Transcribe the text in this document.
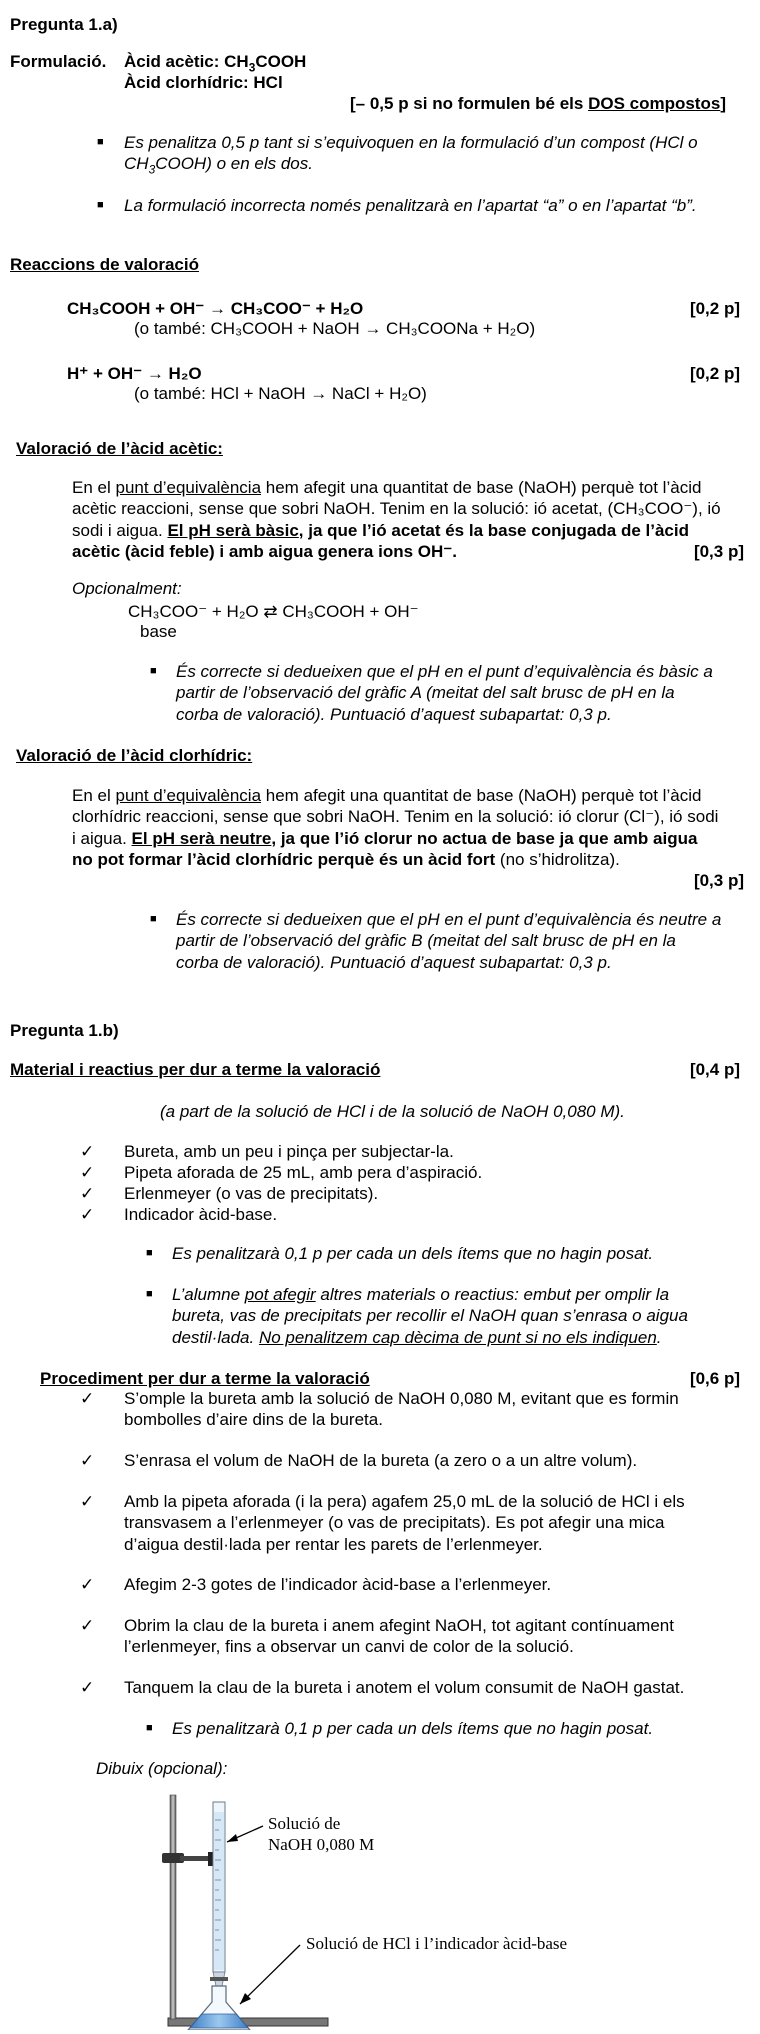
Pregunta 1.a)
Formulació. Àcid acètic: $CH_3COOH$
Àcid clorhídric: HCl
[– 0,5 p si no formulen bé els DOS compostos]
■ Es penalitza 0,5 p tant si s’equivoquen en la formulació d’un compost (HCl o
$CH_3COOH$) o en els dos.
■ La formulació incorrecta només penalitzarà en l’apartat “a” o en l’apartat “b”.
Reaccions de valoració
CH₃COOH + OH⁻ → CH₃COO⁻ + H₂O	[0,2 p]
(o també: CH₃COOH + NaOH → CH₃COONa + H₂O)
H⁺ + OH⁻ → H₂O	[0,2 p]
(o també: HCl + NaOH → NaCl + H₂O)
Valoració de l’àcid acètic:
En el punt d’equivalència hem afegit una quantitat de base (NaOH) perquè tot l’àcid
acètic reaccioni, sense que sobri NaOH. Tenim en la solució: ió acetat, (CH₃COO⁻), ió
sodi i aigua. El pH serà bàsic, ja que l’ió acetat és la base conjugada de l’àcid
acètic (àcid feble) i amb aigua genera ions OH⁻.	[0,3 p]
Opcionalment:
CH₃COO⁻ + H₂O ⇄ CH₃COOH + OH⁻
base
■ És correcte si dedueixen que el pH en el punt d’equivalència és bàsic a
partir de l’observació del gràfic A (meitat del salt brusc de pH en la
corba de valoració). Puntuació d’aquest subapartat: 0,3 p.
Valoració de l’àcid clorhídric:
En el punt d’equivalència hem afegit una quantitat de base (NaOH) perquè tot l’àcid
clorhídric reaccioni, sense que sobri NaOH. Tenim en la solució: ió clorur (Cl⁻), ió sodi
i aigua. El pH serà neutre, ja que l’ió clorur no actua de base ja que amb aigua
no pot formar l’àcid clorhídric perquè és un àcid fort (no s’hidrolitza).
[0,3 p]
■ És correcte si dedueixen que el pH en el punt d’equivalència és neutre a
partir de l’observació del gràfic B (meitat del salt brusc de pH en la
corba de valoració). Puntuació d’aquest subapartat: 0,3 p.
Pregunta 1.b)
Material i reactius per dur a terme la valoració	[0,4 p]
(a part de la solució de HCl i de la solució de NaOH 0,080 M).
✓ Bureta, amb un peu i pinça per subjectar-la.
✓ Pipeta aforada de 25 mL, amb pera d’aspiració.
✓ Erlenmeyer (o vas de precipitats).
✓ Indicador àcid-base.
■ Es penalitzarà 0,1 p per cada un dels ítems que no hagin posat.
■ L’alumne pot afegir altres materials o reactius: embut per omplir la
bureta, vas de precipitats per recollir el NaOH quan s’enrasa o aigua
destil·lada. No penalitzem cap dècima de punt si no els indiquen.
Procediment per dur a terme la valoració	[0,6 p]
✓ S’omple la bureta amb la solució de NaOH 0,080 M, evitant que es formin
bombolles d’aire dins de la bureta.
✓ S’enrasa el volum de NaOH de la bureta (a zero o a un altre volum).
✓ Amb la pipeta aforada (i la pera) agafem 25,0 mL de la solució de HCl i els
transvasem a l’erlenmeyer (o vas de precipitats). Es pot afegir una mica
d’aigua destil·lada per rentar les parets de l’erlenmeyer.
✓ Afegim 2-3 gotes de l’indicador àcid-base a l’erlenmeyer.
✓ Obrim la clau de la bureta i anem afegint NaOH, tot agitant contínuament
l’erlenmeyer, fins a observar un canvi de color de la solució.
✓ Tanquem la clau de la bureta i anotem el volum consumit de NaOH gastat.
■ Es penalitzarà 0,1 p per cada un dels ítems que no hagin posat.
Dibuix (opcional):
Solució de
NaOH 0,080 M
Solució de HCl i l’indicador àcid-base
